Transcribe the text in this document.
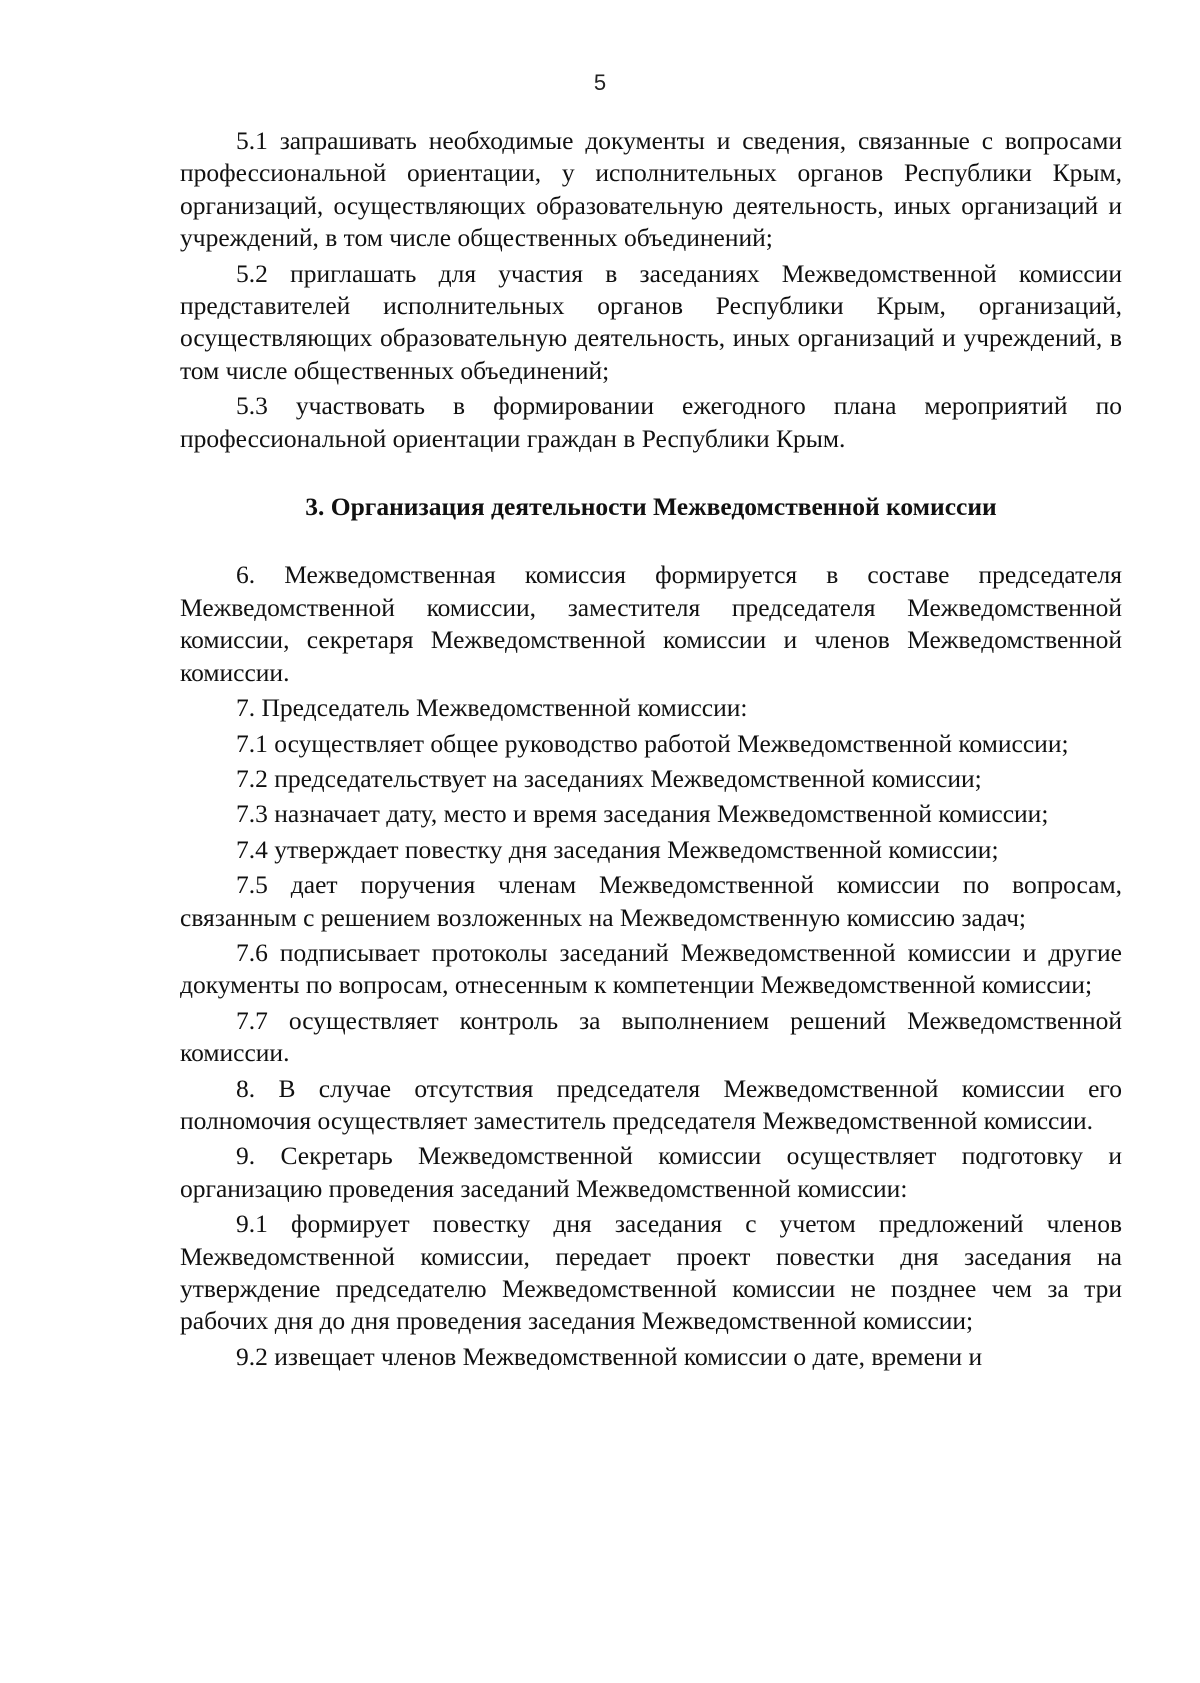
5

5.1 запрашивать необходимые документы и сведения, связанные с вопросами профессиональной ориентации, у исполнительных органов Республики Крым, организаций, осуществляющих образовательную деятельность, иных организаций и учреждений, в том числе общественных объединений;

5.2 приглашать для участия в заседаниях Межведомственной комиссии представителей исполнительных органов Республики Крым, организаций, осуществляющих образовательную деятельность, иных организаций и учреждений, в том числе общественных объединений;

5.3 участвовать в формировании ежегодного плана мероприятий по профессиональной ориентации граждан в Республики Крым.

3. Организация деятельности Межведомственной комиссии

6. Межведомственная комиссия формируется в составе председателя Межведомственной комиссии, заместителя председателя Межведомственной комиссии, секретаря Межведомственной комиссии и членов Межведомственной комиссии.

7. Председатель Межведомственной комиссии:

7.1 осуществляет общее руководство работой Межведомственной комиссии;

7.2 председательствует на заседаниях Межведомственной комиссии;

7.3 назначает дату, место и время заседания Межведомственной комиссии;

7.4 утверждает повестку дня заседания Межведомственной комиссии;

7.5 дает поручения членам Межведомственной комиссии по вопросам, связанным с решением возложенных на Межведомственную комиссию задач;

7.6 подписывает протоколы заседаний Межведомственной комиссии и другие документы по вопросам, отнесенным к компетенции Межведомственной комиссии;

7.7 осуществляет контроль за выполнением решений Межведомственной комиссии.

8. В случае отсутствия председателя Межведомственной комиссии его полномочия осуществляет заместитель председателя Межведомственной комиссии.

9. Секретарь Межведомственной комиссии осуществляет подготовку и организацию проведения заседаний Межведомственной комиссии:

9.1 формирует повестку дня заседания с учетом предложений членов Межведомственной комиссии, передает проект повестки дня заседания на утверждение председателю Межведомственной комиссии не позднее чем за три рабочих дня до дня проведения заседания Межведомственной комиссии;

9.2 извещает членов Межведомственной комиссии о дате, времени и
